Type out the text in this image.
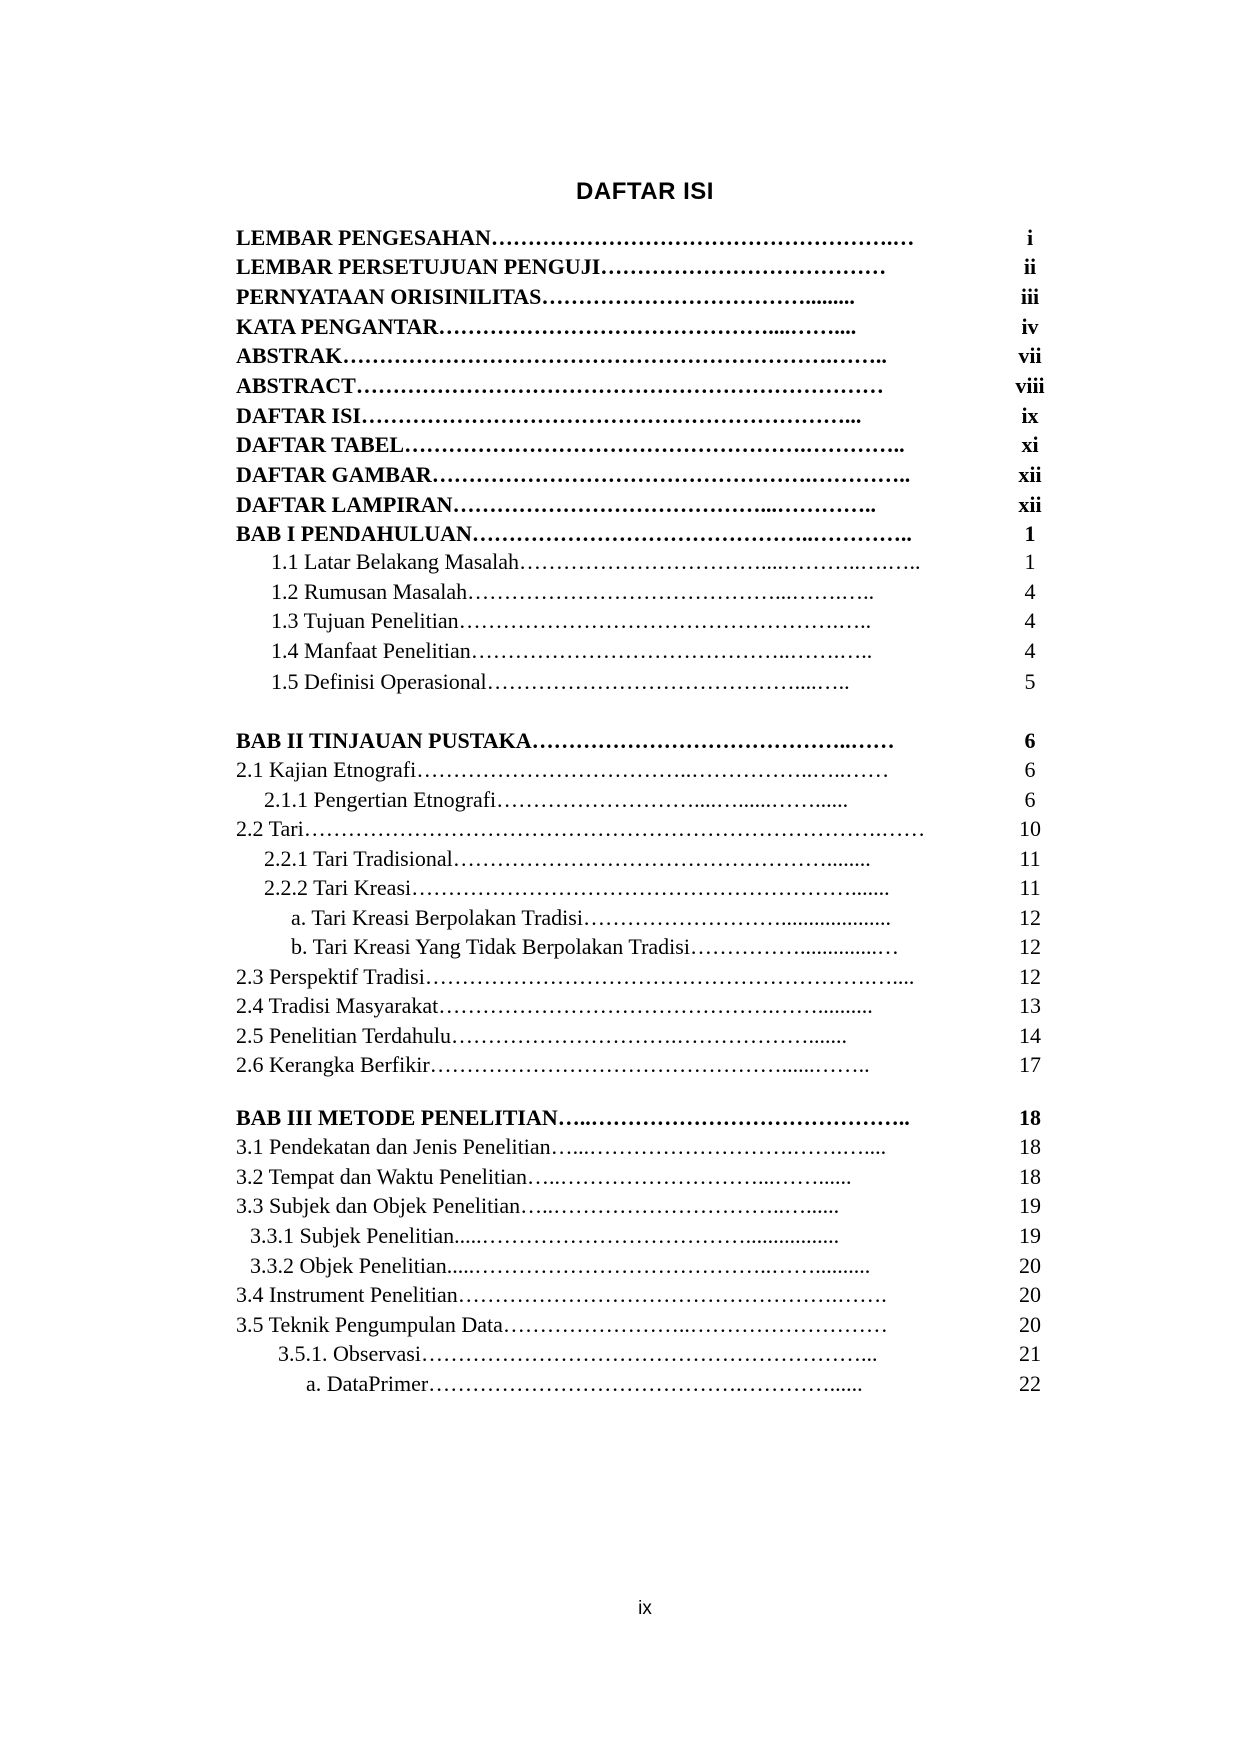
DAFTAR ISI
LEMBAR PENGESAHAN ……………………………………………….…	i
LEMBAR PERSETUJUAN PENGUJI …………………………………	ii
PERNYATAAN ORISINILITAS ……………………………….........	iii
KATA PENGANTAR ………………………………………....……....	iv
ABSTRAK ………………………………………………………….……..	vii
ABSTRACT ………………………………………………………………	viii
DAFTAR ISI …………………………………………………………...	ix
DAFTAR TABEL ……………………………………………….…………..	xi
DAFTAR GAMBAR …………………………………………….…………..	xii
DAFTAR LAMPIRAN ……………………………………...…………..	xii
BAB I PENDAHULUAN ………………………………………..…………..	1
1.1 Latar Belakang Masalah ……………………………....………..….…..	1
1.2 Rumusan Masalah ……………………………………...…….…..	4
1.3 Tujuan Penelitian …………………………………………….…..	4
1.4 Manfaat Penelitian ……………………………………..…….…..	4
1.5 Definisi Operasional ……………………………………....…..	5
BAB II TINJAUAN PUSTAKA ……………………………………..……	6
2.1 Kajian Etnografi ………………………………..……………..…..……	6
2.1.1 Pengertian Etnografi ………………………....…......……......	6
2.2 Tari …………………………………………………………………….……	10
2.2.1 Tari Tradisional ……………………………………………........	11
2.2.2 Tari Kreasi …………………………………………………….......	11
a. Tari Kreasi Berpolakan Tradisi ………………………....................	12
b. Tari Kreasi Yang Tidak Berpolakan Tradisi ……………..............…	12
2.3 Perspektif Tradisi …………………………………………………….…....	12
2.4 Tradisi Masyarakat ……………………………………….……..........	13
2.5 Penelitian Terdahulu ………………………….……………….......	14
2.6 Kerangka Berfikir …………………………………………......……..	17
BAB III METODE PENELITIAN …..……………………………………..	18
3.1 Pendekatan dan Jenis Penelitian …...……………………….…….…....	18
3.2 Tempat dan Waktu Penelitian …..………………………...……......	18
3.3 Subjek dan Objek Penelitian …..…………………………..…......	19
3.3.1 Subjek Penelitian .....……………………………….................	19
3.3.2 Objek Penelitian .....…………………………………..……..........	20
3.4 Instrument Penelitian …………………………………………….…….	20
3.5 Teknik Pengumpulan Data ……………………..………………………	20
3.5.1. Observasi ……………………………………………………...	21
a. DataPrimer …………………………………….…………......	22
ix
